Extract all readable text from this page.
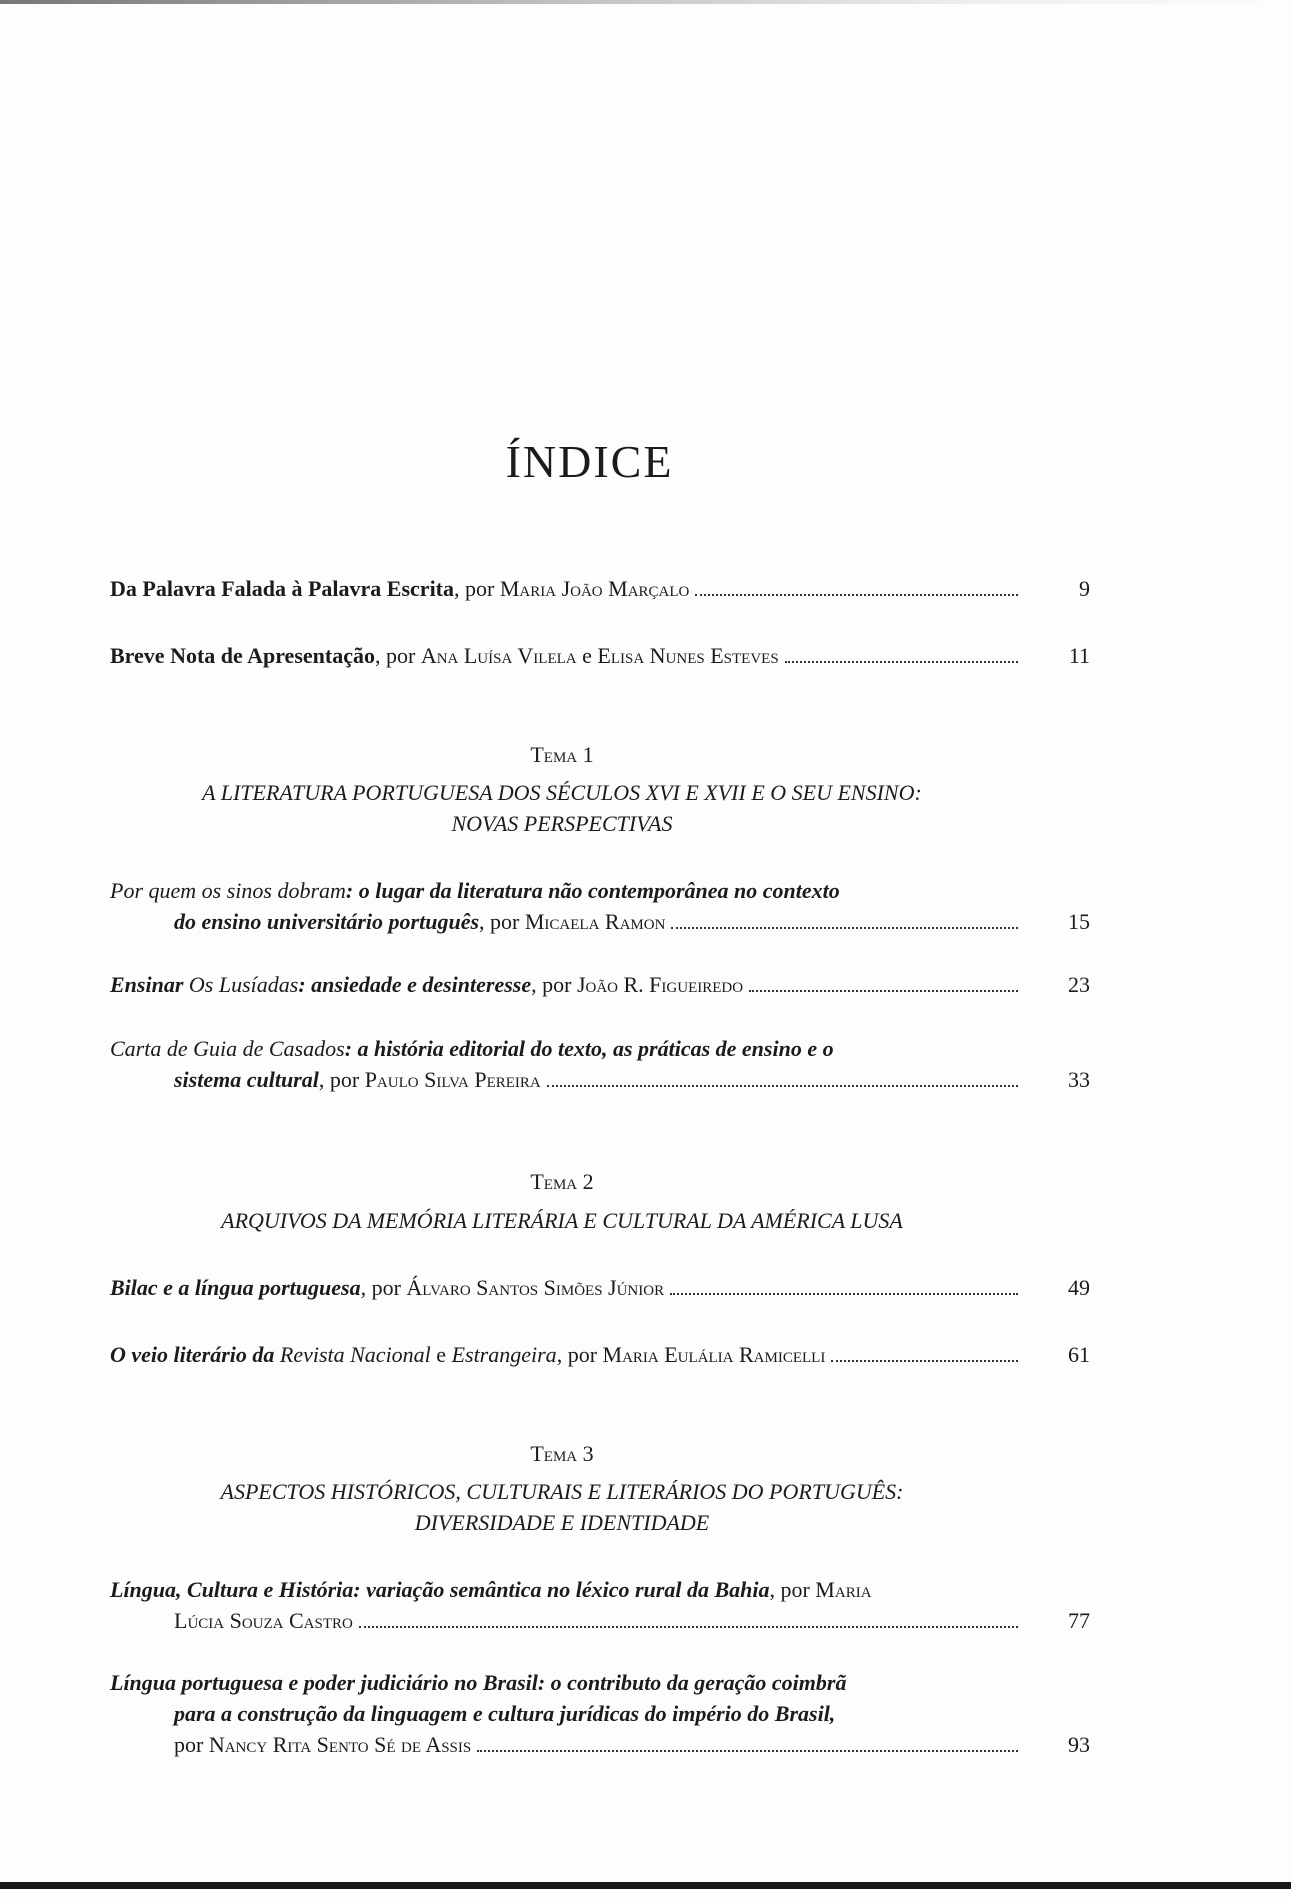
ÍNDICE
Da Palavra Falada à Palavra Escrita, por Maria João Marçalo	9
Breve Nota de Apresentação, por Ana Luísa Vilela e Elisa Nunes Esteves	11
Tema 1
A LITERATURA PORTUGUESA DOS SÉCULOS XVI E XVII E O SEU ENSINO:
NOVAS PERSPECTIVAS

Por quem os sinos dobram: o lugar da literatura não contemporânea no contexto

do ensino universitário português, por Micaela Ramon	15
Ensinar Os Lusíadas: ansiedade e desinteresse, por João R. Figueiredo	23

Carta de Guia de Casados: a história editorial do texto, as práticas de ensino e o

sistema cultural, por Paulo Silva Pereira	33
Tema 2
ARQUIVOS DA MEMÓRIA LITERÁRIA E CULTURAL DA AMÉRICA LUSA
Bilac e a língua portuguesa, por Álvaro Santos Simões Júnior	49
O veio literário da Revista Nacional e Estrangeira, por Maria Eulália Ramicelli	61
Tema 3
ASPECTOS HISTÓRICOS, CULTURAIS E LITERÁRIOS DO PORTUGUÊS:
DIVERSIDADE E IDENTIDADE

Língua, Cultura e História: variação semântica no léxico rural da Bahia, por Maria

Lúcia Souza Castro	77

Língua portuguesa e poder judiciário no Brasil: o contributo da geração coimbrã

para a construção da linguagem e cultura jurídicas do império do Brasil,

por Nancy Rita Sento Sé de Assis	93
